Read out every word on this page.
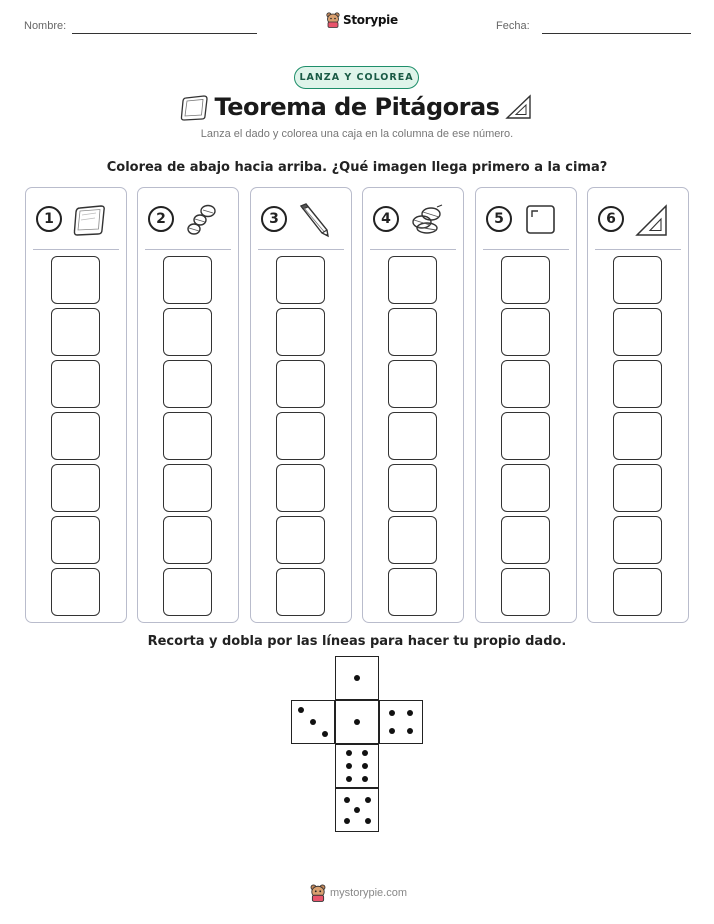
Nombre:	Storypie	Fecha:
LANZA Y COLOREA
Teorema de Pitágoras
Lanza el dado y colorea una caja en la columna de ese número.
Colorea de abajo hacia arriba. ¿Qué imagen llega primero a la cima?
1	2	3	4	5	6
Recorta y dobla por las líneas para hacer tu propio dado.
mystorypie.com
